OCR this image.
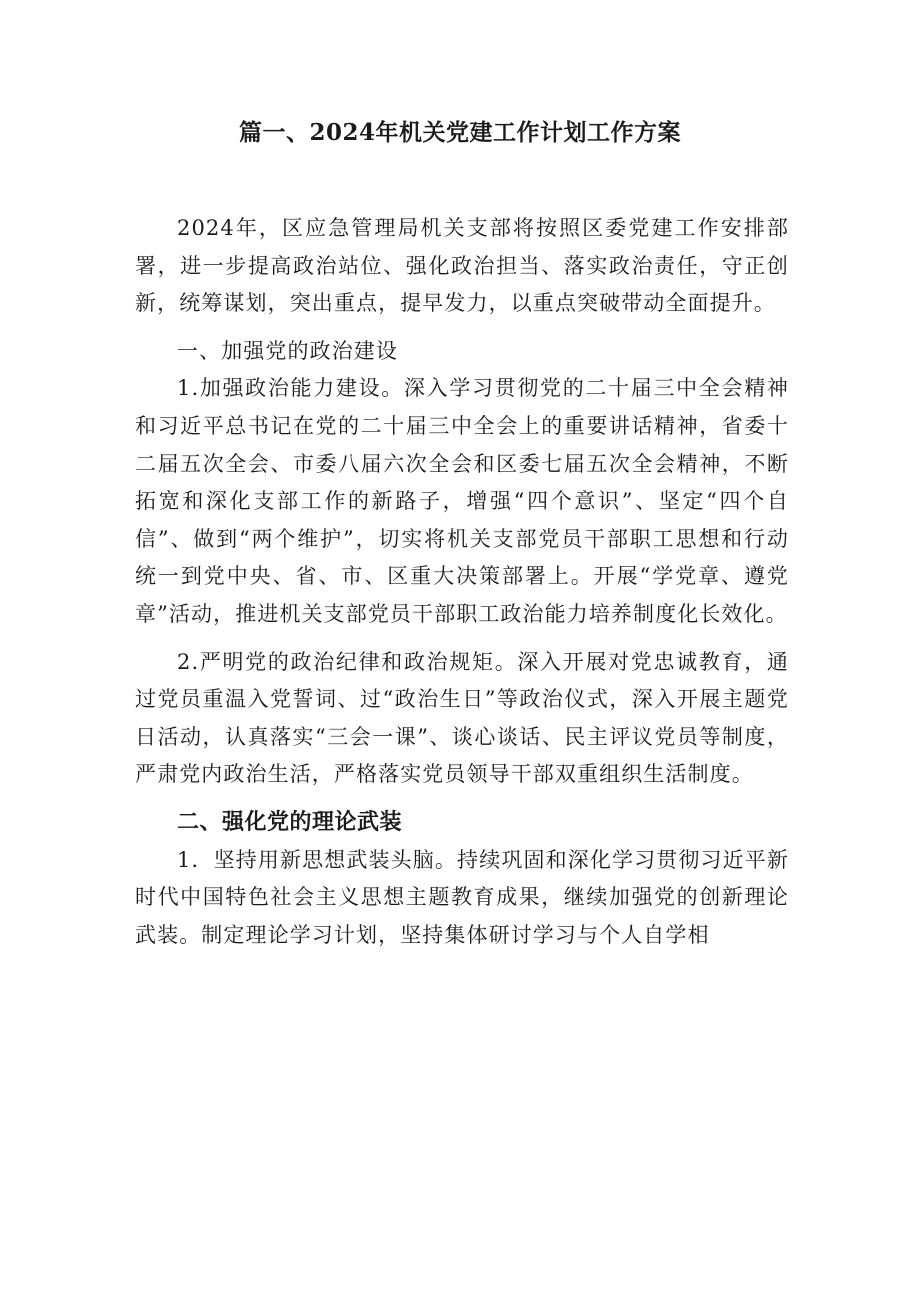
篇一、2024年机关党建工作计划工作方案

2024年，区应急管理局机关支部将按照区委党建工作安排部署，进一步提高政治站位、强化政治担当、落实政治责任，守正创新，统筹谋划，突出重点，提早发力，以重点突破带动全面提升。

一、加强党的政治建设

1.加强政治能力建设。深入学习贯彻党的二十届三中全会精神和习近平总书记在党的二十届三中全会上的重要讲话精神，省委十二届五次全会、市委八届六次全会和区委七届五次全会精神，不断拓宽和深化支部工作的新路子，增强“四个意识”、坚定“四个自信”、做到“两个维护”，切实将机关支部党员干部职工思想和行动统一到党中央、省、市、区重大决策部署上。开展“学党章、遵党章”活动，推进机关支部党员干部职工政治能力培养制度化长效化。

2.严明党的政治纪律和政治规矩。深入开展对党忠诚教育，通过党员重温入党誓词、过“政治生日”等政治仪式，深入开展主题党日活动，认真落实“三会一课”、谈心谈话、民主评议党员等制度，严肃党内政治生活，严格落实党员领导干部双重组织生活制度。

二、强化党的理论武装

1．坚持用新思想武装头脑。持续巩固和深化学习贯彻习近平新时代中国特色社会主义思想主题教育成果，继续加强党的创新理论武装。制定理论学习计划，坚持集体研讨学习与个人自学相
